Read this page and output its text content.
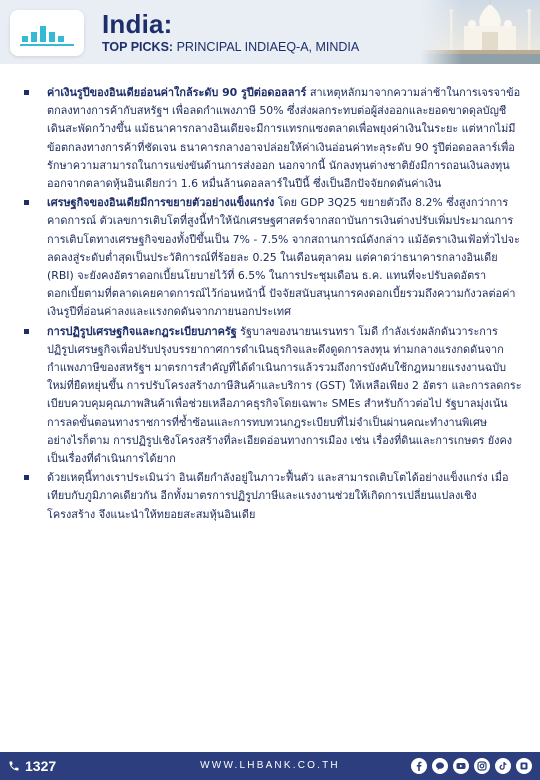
India:
TOP PICKS: PRINCIPAL INDIAEQ-A, MINDIA
ค่าเงินรูปีของอินเดียอ่อนค่าใกล้ระดับ 90 รูปีต่อดอลลาร์ สาเหตุหลักมาจากความล่าช้าในการเจรจาข้อตกลงทางการค้ากับสหรัฐฯ เพื่อลดกำแพงภาษี 50% ซึ่งส่งผลกระทบต่อผู้ส่งออกและยอดขาดดุลบัญชีเดินสะพัดกว้างขึ้น แม้ธนาคารกลางอินเดียจะมีการแทรกแซงตลาดเพื่อพยุงค่าเงินในระยะ แต่หากไม่มีข้อตกลงทางการค้าที่ชัดเจน ธนาคารกลางอาจปล่อยให้ค่าเงินอ่อนค่าทะลุระดับ 90 รูปีต่อดอลลาร์เพื่อรักษาความสามารถในการแข่งขันด้านการส่งออก นอกจากนี้ นักลงทุนต่างชาติยังมีการถอนเงินลงทุนออกจากตลาดหุ้นอินเดียกว่า 1.6 หมื่นล้านดอลลาร์ในปีนี้ ซึ่งเป็นอีกปัจจัยกดดันค่าเงิน
เศรษฐกิจของอินเดียมีการขยายตัวอย่างแข็งแกร่ง โดย GDP 3Q25 ขยายตัวถึง 8.2% ซึ่งสูงกว่าการคาดการณ์ ตัวเลขการเติบโตที่สูงนี้ทำให้นักเศรษฐศาสตร์จากสถาบันการเงินต่างปรับเพิ่มประมาณการการเติบโตทางเศรษฐกิจของทั้งปีขึ้นเป็น 7% - 7.5% จากสถานการณ์ดังกล่าว แม้อัตราเงินเฟ้อทั่วไปจะลดลงสู่ระดับต่ำสุดเป็นประวัติการณ์ที่ร้อยละ 0.25 ในเดือนตุลาคม แต่คาดว่าธนาคารกลางอินเดีย (RBI) จะยังคงอัตราดอกเบี้ยนโยบายไว้ที่ 6.5% ในการประชุมเดือน ธ.ค. แทนที่จะปรับลดอัตราดอกเบี้ยตามที่ตลาดเคยคาดการณ์ไว้ก่อนหน้านี้ ปัจจัยสนับสนุนการคงดอกเบี้ยรวมถึงความกังวลต่อค่าเงินรูปีที่อ่อนค่าลงและแรงกดดันจากภายนอกประเทศ
การปฏิรูปเศรษฐกิจและกฎระเบียบภาครัฐ รัฐบาลของนายนเรนทรา โมดี กำลังเร่งผลักดันวาระการปฏิรูปเศรษฐกิจเพื่อปรับปรุงบรรยากาศการดำเนินธุรกิจและดึงดูดการลงทุน ท่ามกลางแรงกดดันจากกำแพงภาษีของสหรัฐฯ มาตรการสำคัญที่ได้ดำเนินการแล้วรวมถึงการบังคับใช้กฎหมายแรงงานฉบับใหม่ที่ยืดหยุ่นขึ้น การปรับโครงสร้างภาษีสินค้าและบริการ (GST) ให้เหลือเพียง 2 อัตรา และการลดกระเบียบควบคุมคุณภาพสินค้าเพื่อช่วยเหลือภาคธุรกิจโดยเฉพาะ SMEs สำหรับก้าวต่อไป รัฐบาลมุ่งเน้นการลดขั้นตอนทางราชการที่ซ้ำซ้อนและการทบทวนกฎระเบียบที่ไม่จำเป็นผ่านคณะทำงานพิเศษ อย่างไรก็ตาม การปฏิรูปเชิงโครงสร้างที่ละเอียดอ่อนทางการเมือง เช่น เรื่องที่ดินและการเกษตร ยังคงเป็นเรื่องที่ดำเนินการได้ยาก
ด้วยเหตุนี้ทางเราประเมินว่า อินเดียกำลังอยู่ในภาวะฟื้นตัว และสามารถเติบโตได้อย่างแข็งแกร่ง เมื่อเทียบกับภูมิภาคเดียวกัน อีกทั้งมาตรการปฏิรูปภาษีและแรงงานช่วยให้เกิดการเปลี่ยนแปลงเชิงโครงสร้าง จึงแนะนำให้ทยอยสะสมหุ้นอินเดีย
1327	WWW.LHBANK.CO.TH
